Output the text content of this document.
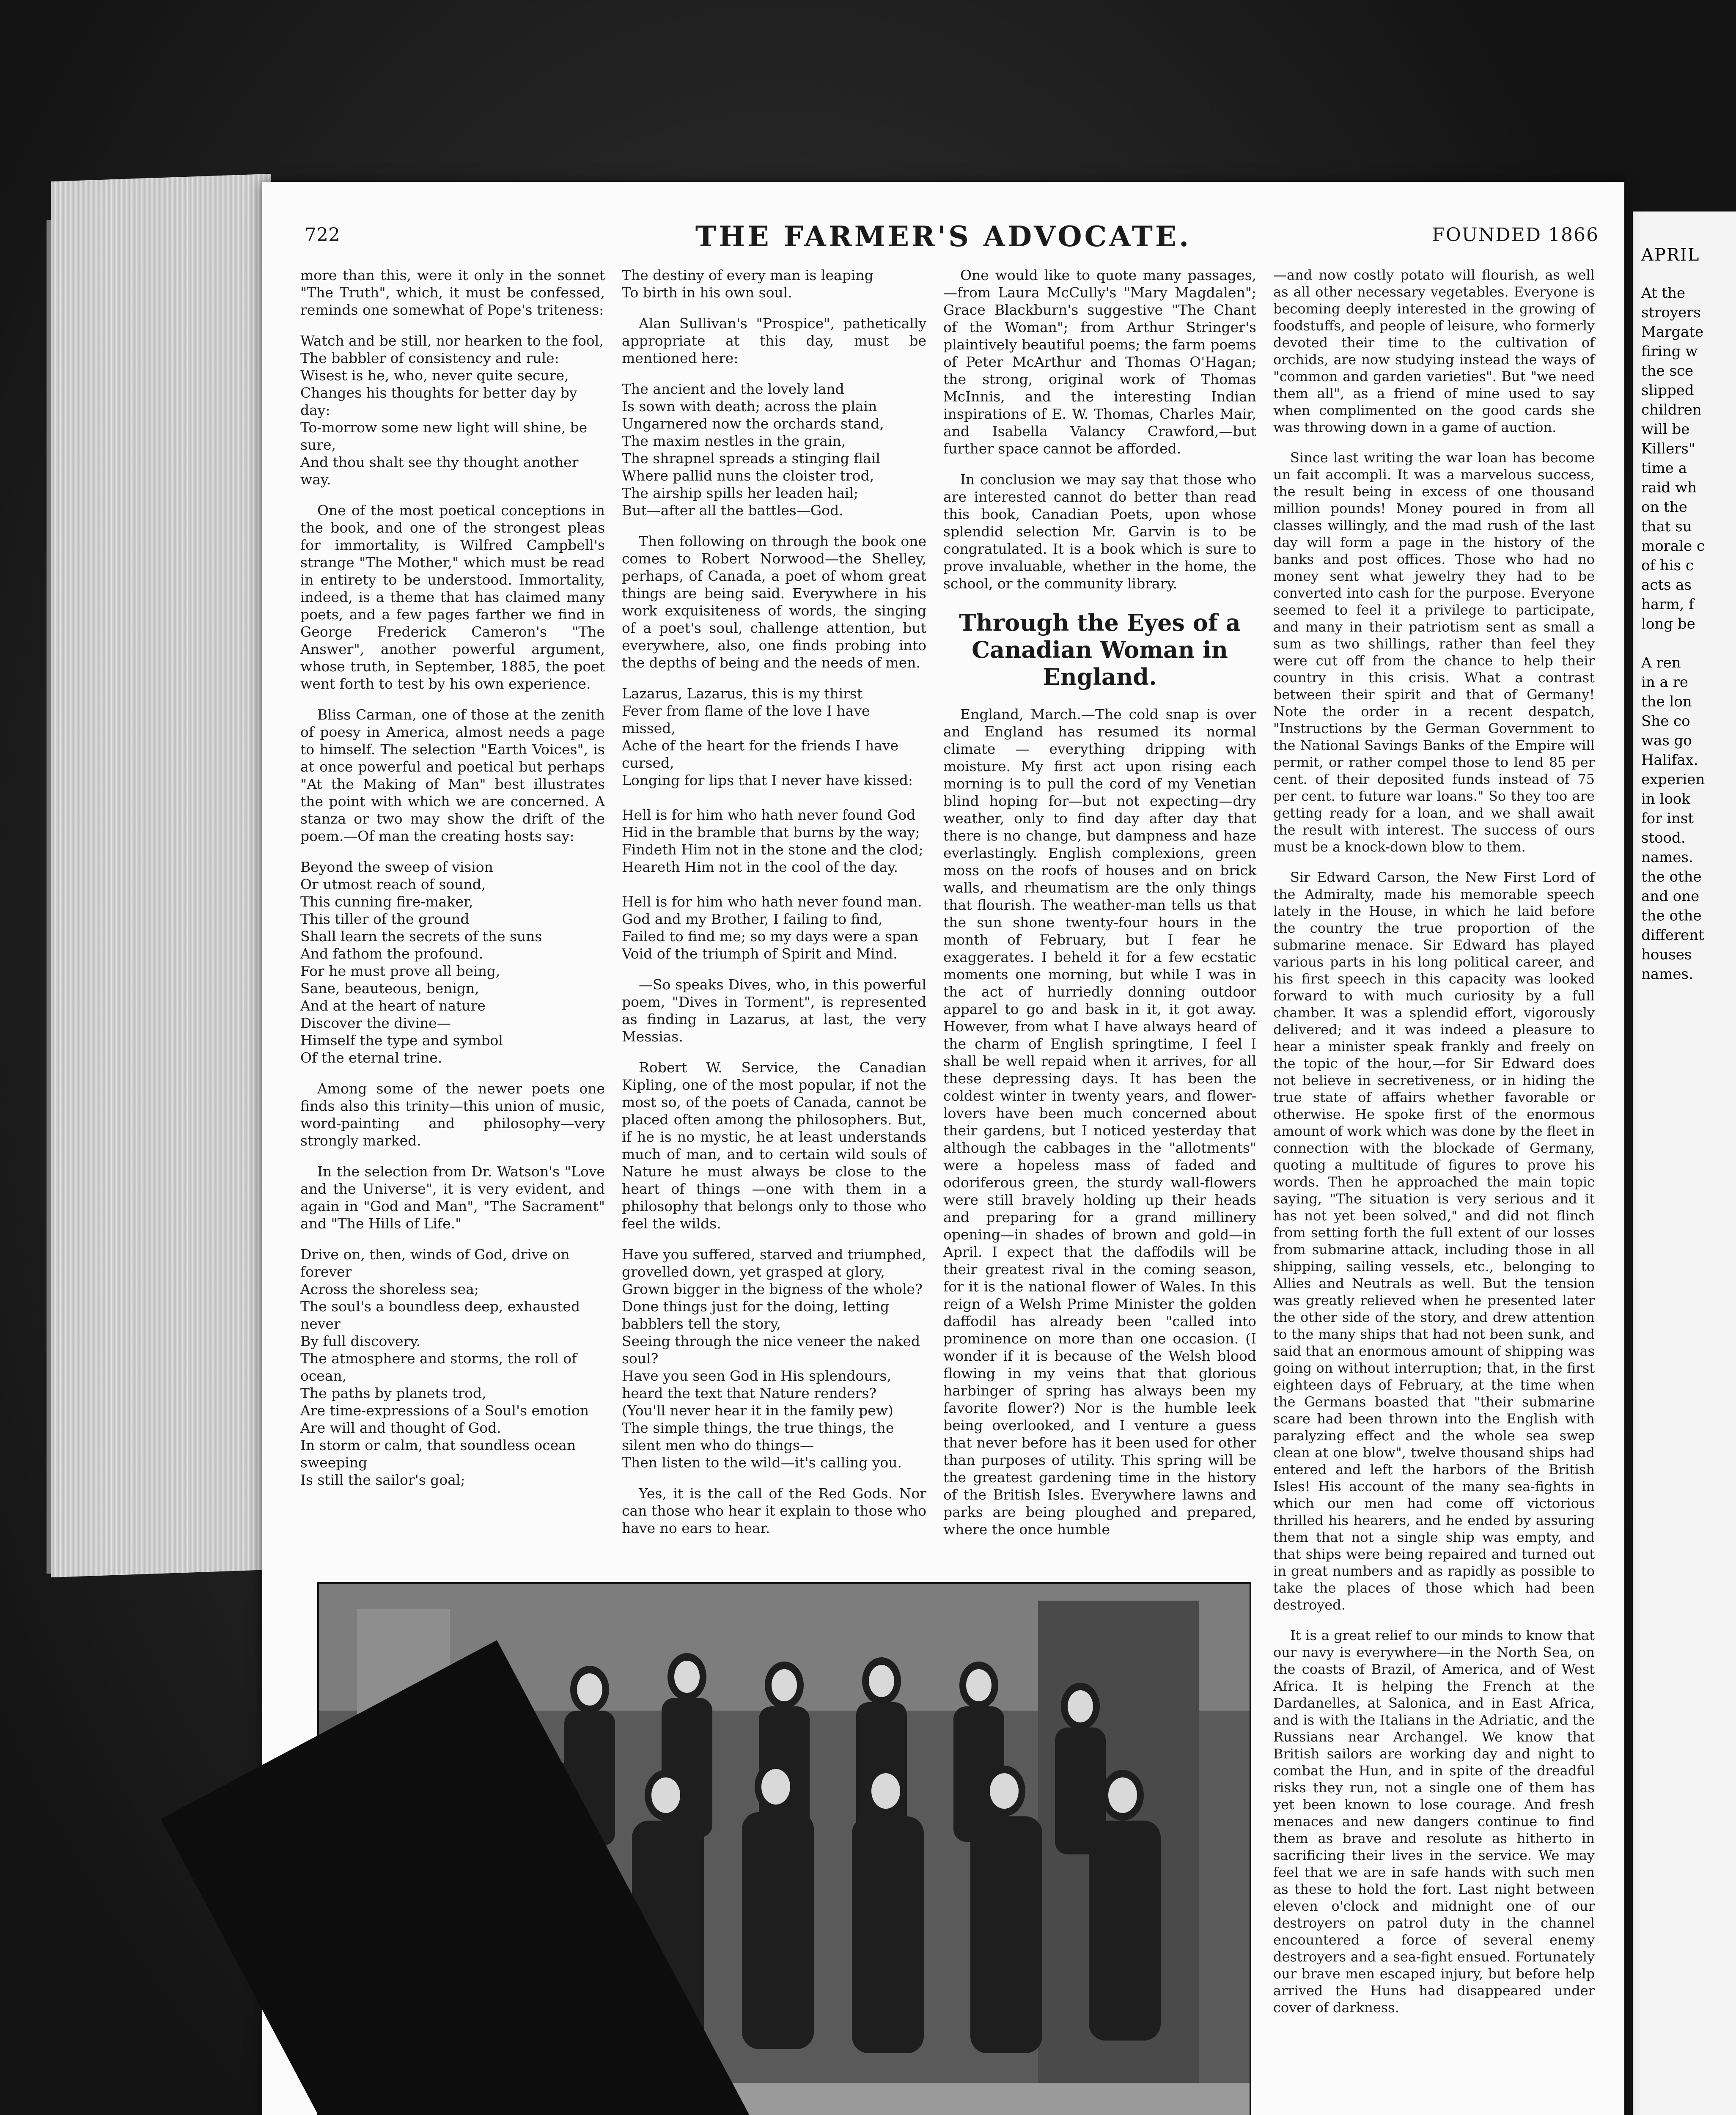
APRIL
At the
stroyers
Margate
firing w
the sce
slipped
children
will be
Killers"
time a
raid wh
on the
that su
morale c
of his c
acts as
harm, f
long be

A ren
in a re
the lon
She co
was go
Halifax.
experien
in look
for inst
stood.
names.
the othe
and one
the othe
different
houses
names.
722	THE FARMER'S ADVOCATE.	FOUNDED 1866

more than this, were it only in the sonnet "The Truth", which, it must be confessed, reminds one somewhat of Pope's triteness:

Watch and be still, nor hearken to the fool,
The babbler of consistency and rule:
Wisest is he, who, never quite secure,
Changes his thoughts for better day by day:
To-morrow some new light will shine, be sure,
And thou shalt see thy thought another way.

One of the most poetical conceptions in the book, and one of the strongest pleas for immortality, is Wilfred Campbell's strange "The Mother," which must be read in entirety to be understood. Immortality, indeed, is a theme that has claimed many poets, and a few pages farther we find in George Frederick Cameron's "The Answer", another powerful argument, whose truth, in September, 1885, the poet went forth to test by his own experience.

Bliss Carman, one of those at the zenith of poesy in America, almost needs a page to himself. The selection "Earth Voices", is at once powerful and poetical but perhaps "At the Making of Man" best illustrates the point with which we are concerned. A stanza or two may show the drift of the poem.—Of man the creating hosts say:

Beyond the sweep of vision
Or utmost reach of sound,
This cunning fire-maker,
This tiller of the ground
Shall learn the secrets of the suns
And fathom the profound.
For he must prove all being,
Sane, beauteous, benign,
And at the heart of nature
Discover the divine—
Himself the type and symbol
Of the eternal trine.

Among some of the newer poets one finds also this trinity—this union of music, word-painting and philosophy—very strongly marked.

In the selection from Dr. Watson's "Love and the Universe", it is very evident, and again in "God and Man", "The Sacrament" and "The Hills of Life."

Drive on, then, winds of God, drive on forever
Across the shoreless sea;
The soul's a boundless deep, exhausted never
By full discovery.
The atmosphere and storms, the roll of ocean,
The paths by planets trod,
Are time-expressions of a Soul's emotion
Are will and thought of God.
In storm or calm, that soundless ocean sweeping
Is still the sailor's goal;
The destiny of every man is leaping
To birth in his own soul.

Alan Sullivan's "Prospice", pathetically appropriate at this day, must be mentioned here:

The ancient and the lovely land
Is sown with death; across the plain
Ungarnered now the orchards stand,
The maxim nestles in the grain,
The shrapnel spreads a stinging flail
Where pallid nuns the cloister trod,
The airship spills her leaden hail;
But—after all the battles—God.

Then following on through the book one comes to Robert Norwood—the Shelley, perhaps, of Canada, a poet of whom great things are being said. Everywhere in his work exquisiteness of words, the singing of a poet's soul, challenge attention, but everywhere, also, one finds probing into the depths of being and the needs of men.

Lazarus, Lazarus, this is my thirst
Fever from flame of the love I have missed,
Ache of the heart for the friends I have cursed,
Longing for lips that I never have kissed:

Hell is for him who hath never found God
Hid in the bramble that burns by the way;
Findeth Him not in the stone and the clod;
Heareth Him not in the cool of the day.

Hell is for him who hath never found man.
God and my Brother, I failing to find,
Failed to find me; so my days were a span
Void of the triumph of Spirit and Mind.

—So speaks Dives, who, in this powerful poem, "Dives in Torment", is represented as finding in Lazarus, at last, the very Messias.

Robert W. Service, the Canadian Kipling, one of the most popular, if not the most so, of the poets of Canada, cannot be placed often among the philosophers. But, if he is no mystic, he at least understands much of man, and to certain wild souls of Nature he must always be close to the heart of things —one with them in a philosophy that belongs only to those who feel the wilds.

Have you suffered, starved and triumphed, grovelled down, yet grasped at glory,
Grown bigger in the bigness of the whole?
Done things just for the doing, letting babblers tell the story,
Seeing through the nice veneer the naked soul?
Have you seen God in His splendours, heard the text that Nature renders?
(You'll never hear it in the family pew)
The simple things, the true things, the silent men who do things—
Then listen to the wild—it's calling you.

Yes, it is the call of the Red Gods. Nor can those who hear it explain to those who have no ears to hear.

One would like to quote many passages, —from Laura McCully's "Mary Magdalen"; Grace Blackburn's suggestive "The Chant of the Woman"; from Arthur Stringer's plaintively beautiful poems; the farm poems of Peter McArthur and Thomas O'Hagan; the strong, original work of Thomas McInnis, and the interesting Indian inspirations of E. W. Thomas, Charles Mair, and Isabella Valancy Crawford,—but further space cannot be afforded.

In conclusion we may say that those who are interested cannot do better than read this book, Canadian Poets, upon whose splendid selection Mr. Garvin is to be congratulated. It is a book which is sure to prove invaluable, whether in the home, the school, or the community library.

Through the Eyes of a Canadian Woman in England.

England, March.—The cold snap is over and England has resumed its normal climate — everything dripping with moisture. My first act upon rising each morning is to pull the cord of my Venetian blind hoping for—but not expecting—dry weather, only to find day after day that there is no change, but dampness and haze everlastingly. English complexions, green moss on the roofs of houses and on brick walls, and rheumatism are the only things that flourish. The weather-man tells us that the sun shone twenty-four hours in the month of February, but I fear he exaggerates. I beheld it for a few ecstatic moments one morning, but while I was in the act of hurriedly donning outdoor apparel to go and bask in it, it got away. However, from what I have always heard of the charm of English springtime, I feel I shall be well repaid when it arrives, for all these depressing days. It has been the coldest winter in twenty years, and flower-lovers have been much concerned about their gardens, but I noticed yesterday that although the cabbages in the "allotments" were a hopeless mass of faded and odoriferous green, the sturdy wall-flowers were still bravely holding up their heads and preparing for a grand millinery opening—in shades of brown and gold—in April. I expect that the daffodils will be their greatest rival in the coming season, for it is the national flower of Wales. In this reign of a Welsh Prime Minister the golden daffodil has already been "called into prominence on more than one occasion. (I wonder if it is because of the Welsh blood flowing in my veins that that glorious harbinger of spring has always been my favorite flower?) Nor is the humble leek being overlooked, and I venture a guess that never before has it been used for other than purposes of utility. This spring will be the greatest gardening time in the history of the British Isles. Everywhere lawns and parks are being ploughed and prepared, where the once humble

—and now costly potato will flourish, as well as all other necessary vegetables. Everyone is becoming deeply interested in the growing of foodstuffs, and people of leisure, who formerly devoted their time to the cultivation of orchids, are now studying instead the ways of "common and garden varieties". But "we need them all", as a friend of mine used to say when complimented on the good cards she was throwing down in a game of auction.

Since last writing the war loan has become un fait accompli. It was a marvelous success, the result being in excess of one thousand million pounds! Money poured in from all classes willingly, and the mad rush of the last day will form a page in the history of the banks and post offices. Those who had no money sent what jewelry they had to be converted into cash for the purpose. Everyone seemed to feel it a privilege to participate, and many in their patriotism sent as small a sum as two shillings, rather than feel they were cut off from the chance to help their country in this crisis. What a contrast between their spirit and that of Germany! Note the order in a recent despatch, "Instructions by the German Government to the National Savings Banks of the Empire will permit, or rather compel those to lend 85 per cent. of their deposited funds instead of 75 per cent. to future war loans." So they too are getting ready for a loan, and we shall await the result with interest. The success of ours must be a knock-down blow to them.

Sir Edward Carson, the New First Lord of the Admiralty, made his memorable speech lately in the House, in which he laid before the country the true proportion of the submarine menace. Sir Edward has played various parts in his long political career, and his first speech in this capacity was looked forward to with much curiosity by a full chamber. It was a splendid effort, vigorously delivered; and it was indeed a pleasure to hear a minister speak frankly and freely on the topic of the hour,—for Sir Edward does not believe in secretiveness, or in hiding the true state of affairs whether favorable or otherwise. He spoke first of the enormous amount of work which was done by the fleet in connection with the blockade of Germany, quoting a multitude of figures to prove his words. Then he approached the main topic saying, "The situation is very serious and it has not yet been solved," and did not flinch from setting forth the full extent of our losses from submarine attack, including those in all shipping, sailing vessels, etc., belonging to Allies and Neutrals as well. But the tension was greatly relieved when he presented later the other side of the story, and drew attention to the many ships that had not been sunk, and said that an enormous amount of shipping was going on without interruption; that, in the first eighteen days of February, at the time when the Germans boasted that "their submarine scare had been thrown into the English with paralyzing effect and the whole sea swep clean at one blow", twelve thousand ships had entered and left the harbors of the British Isles! His account of the many sea-fights in which our men had come off victorious thrilled his hearers, and he ended by assuring them that not a single ship was empty, and that ships were being repaired and turned out in great numbers and as rapidly as possible to take the places of those which had been destroyed.

It is a great relief to our minds to know that our navy is everywhere—in the North Sea, on the coasts of Brazil, of America, and of West Africa. It is helping the French at the Dardanelles, at Salonica, and in East Africa, and is with the Italians in the Adriatic, and the Russians near Archangel. We know that British sailors are working day and night to combat the Hun, and in spite of the dreadful risks they run, not a single one of them has yet been known to lose courage. And fresh menaces and new dangers continue to find them as brave and resolute as hitherto in sacrificing their lives in the service. We may feel that we are in safe hands with such men as these to hold the fort. Last night between eleven o'clock and midnight one of our destroyers on patrol duty in the channel encountered a force of several enemy destroyers and a sea-fight ensued. Fortunately our brave men escaped injury, but before help arrived the Huns had disappeared under cover of darkness.
